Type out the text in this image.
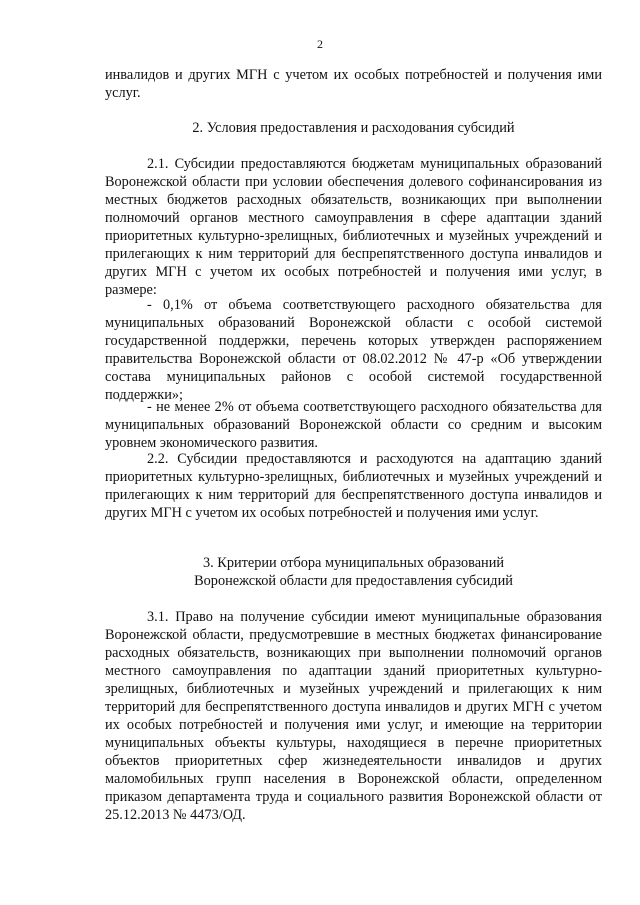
2

инвалидов и других МГН с учетом их особых потребностей и получения ими услуг.

2. Условия предоставления и расходования субсидий

2.1. Субсидии предоставляются бюджетам муниципальных образований Воронежской области при условии обеспечения долевого софинансирования из местных бюджетов расходных обязательств, возникающих при выполнении полномочий органов местного самоуправления в сфере адаптации зданий приоритетных культурно-зрелищных, библиотечных и музейных учреждений и прилегающих к ним территорий для беспрепятственного доступа инвалидов и других МГН с учетом их особых потребностей и получения ими услуг, в размере:

- 0,1% от объема соответствующего расходного обязательства для муниципальных образований Воронежской области с особой системой государственной поддержки, перечень которых утвержден распоряжением правительства Воронежской области от 08.02.2012 № 47-р «Об утверждении состава муниципальных районов с особой системой государственной поддержки»;

- не менее 2% от объема соответствующего расходного обязательства для муниципальных образований Воронежской области со средним и высоким уровнем экономического развития.

2.2. Субсидии предоставляются и расходуются на адаптацию зданий приоритетных культурно-зрелищных, библиотечных и музейных учреждений и прилегающих к ним территорий для беспрепятственного доступа инвалидов и других МГН с учетом их особых потребностей и получения ими услуг.

3. Критерии отбора муниципальных образований

Воронежской области для предоставления субсидий

3.1. Право на получение субсидии имеют муниципальные образования Воронежской области, предусмотревшие в местных бюджетах финансирование расходных обязательств, возникающих при выполнении полномочий органов местного самоуправления по адаптации зданий приоритетных культурно-зрелищных, библиотечных и музейных учреждений и прилегающих к ним территорий для беспрепятственного доступа инвалидов и других МГН с учетом их особых потребностей и получения ими услуг, и имеющие на территории муниципальных объекты культуры, находящиеся в перечне приоритетных объектов приоритетных сфер жизнедеятельности инвалидов и других маломобильных групп населения в Воронежской области, определенном приказом департамента труда и социального развития Воронежской области от 25.12.2013 № 4473/ОД.
